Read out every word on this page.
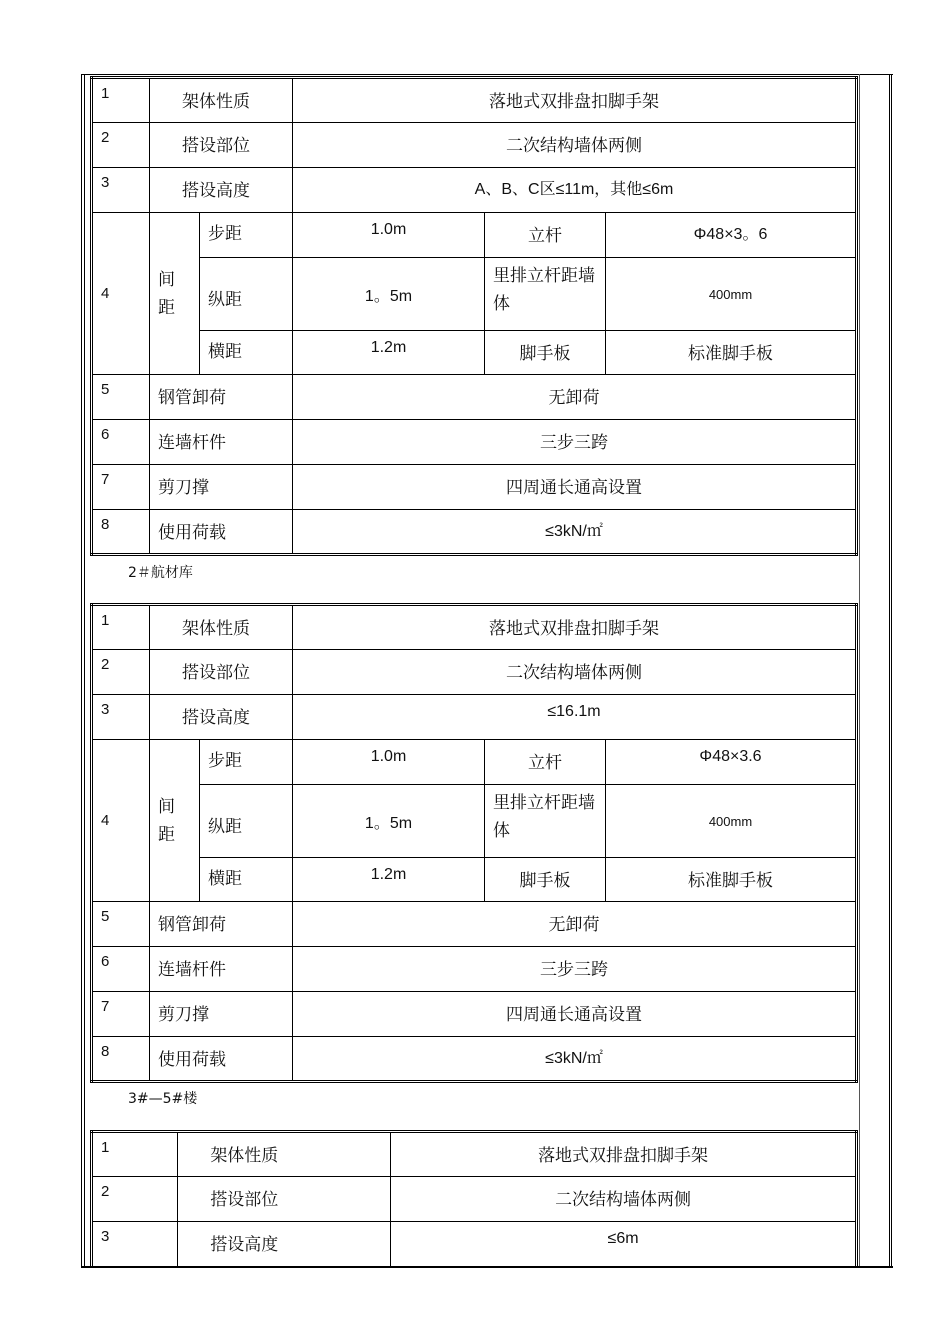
1	架体性质		落地式双排盘扣脚手架		
2	搭设部位		二次结构墙体两侧		
3	搭设高度		A、B、C区≤11m，其他≤6m		
4	间距	步距	1.0m	立杆	Φ48×3。6
		纵距	1。5m	里排立杆距墙体	400mm
		横距	1.2m	脚手板	标准脚手板
5	钢管卸荷		无卸荷		
6	连墙杆件		三步三跨		
7	剪刀撑		四周通长通高设置		
8	使用荷载		≤3kN/㎡		
2＃航材库
1	架体性质		落地式双排盘扣脚手架		
2	搭设部位		二次结构墙体两侧		
3	搭设高度		≤16.1m		
4	间距	步距	1.0m	立杆	Φ48×3.6
		纵距	1。5m	里排立杆距墙体	400mm
		横距	1.2m	脚手板	标准脚手板
5	钢管卸荷		无卸荷		
6	连墙杆件		三步三跨		
7	剪刀撑		四周通长通高设置		
8	使用荷载		≤3kN/㎡		
3#—5#楼
1	架体性质	落地式双排盘扣脚手架
2	搭设部位	二次结构墙体两侧
3	搭设高度	≤6m
